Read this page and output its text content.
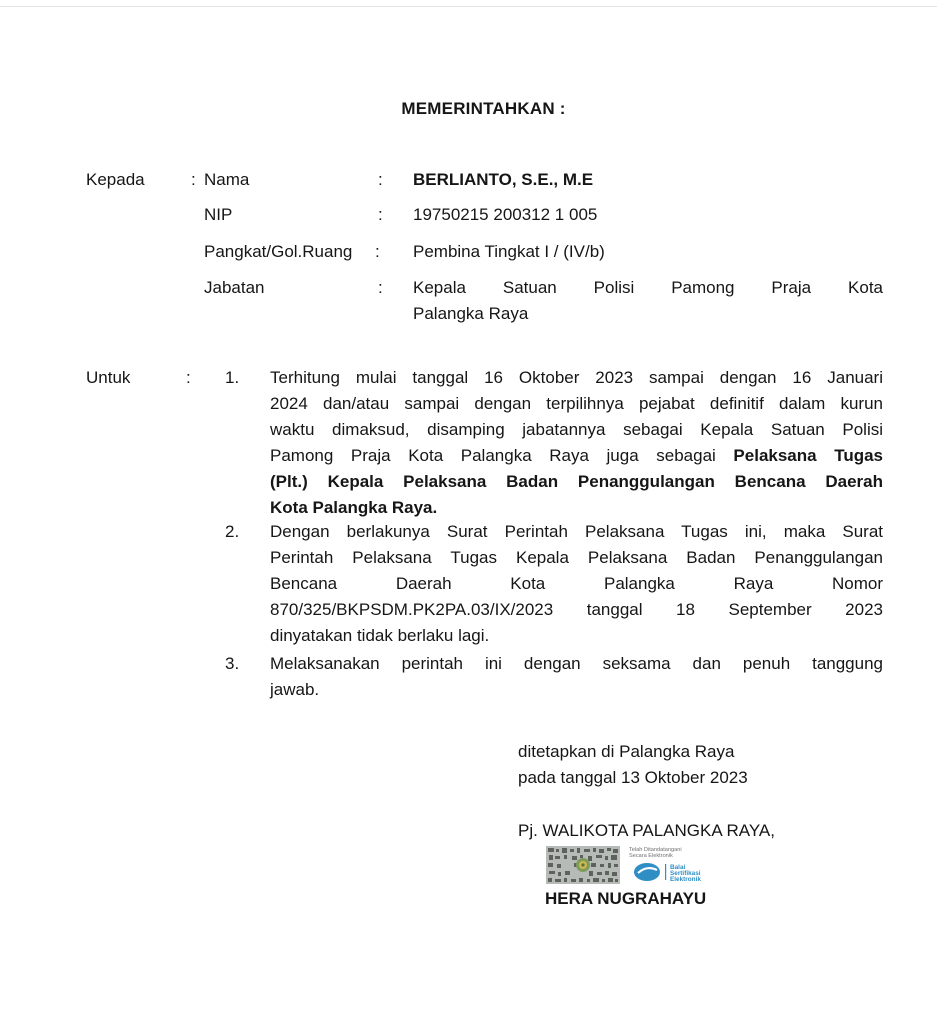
MEMERINTAHKAN :
Kepada	: Nama	: BERLIANTO, S.E., M.E
NIP	: 19750215 200312 1 005
Pangkat/Gol.Ruang : Pembina Tingkat I / (IV/b)
Jabatan	: Kepala Satuan Polisi Pamong Praja Kota
Palangka Raya
Untuk	: 1. Terhitung mulai tanggal 16 Oktober 2023 sampai dengan 16 Januari
2024 dan/atau sampai dengan terpilihnya pejabat definitif dalam kurun
waktu dimaksud, disamping jabatannya sebagai Kepala Satuan Polisi
Pamong Praja Kota Palangka Raya juga sebagai Pelaksana Tugas
(Plt.) Kepala Pelaksana Badan Penanggulangan Bencana Daerah
Kota Palangka Raya.
2. Dengan berlakunya Surat Perintah Pelaksana Tugas ini, maka Surat
Perintah Pelaksana Tugas Kepala Pelaksana Badan Penanggulangan
Bencana Daerah Kota Palangka Raya Nomor
870/325/BKPSDM.PK2PA.03/IX/2023 tanggal 18 September 2023
dinyatakan tidak berlaku lagi.
3. Melaksanakan perintah ini dengan seksama dan penuh tanggung
jawab.
ditetapkan di Palangka Raya
pada tanggal 13 Oktober 2023
Pj. WALIKOTA PALANGKA RAYA,
Telah Ditandatangani
Secara Elektronik
Balai
Sertifikasi
Elektronik
HERA NUGRAHAYU
